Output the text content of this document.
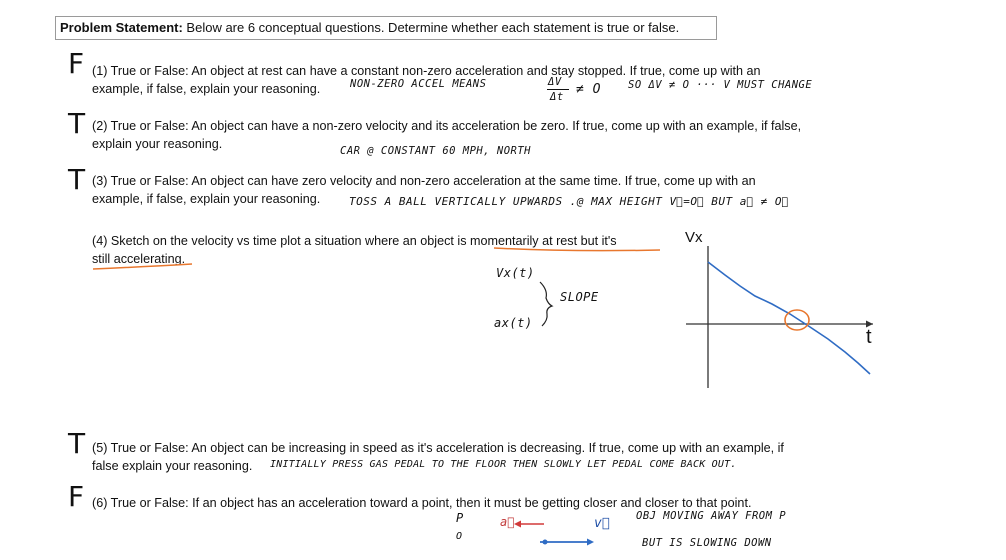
Problem Statement: Below are 6 conceptual questions. Determine whether each statement is true or false.
F (1) True or False: An object at rest can have a constant non-zero acceleration and stay stopped. If true, come up with an
example, if false, explain your reasoning.	NON-ZERO ACCEL MEANS	ΔV
Δt ≠ O	SO ΔV ≠ O ··· V MUST CHANGE
T (2) True or False: An object can have a non-zero velocity and its acceleration be zero. If true, come up with an example, if false,
explain your reasoning.	CAR @ CONSTANT 60 MPH, NORTH
T (3) True or False: An object can have zero velocity and non-zero acceleration at the same time. If true, come up with an
example, if false, explain your reasoning.	TOSS A BALL VERTICALLY UPWARDS .@ MAX HEIGHT V⃗=O⃗ BUT a⃗ ≠ O⃗
(4) Sketch on the velocity vs time plot a situation where an object is momentarily at rest but it's
still accelerating.
Vx(t)
SLOPE
ax(t)
Vx
t
T (5) True or False: An object can be increasing in speed as it's acceleration is decreasing. If true, come up with an example, if
false explain your reasoning. INITIALLY PRESS GAS PEDAL TO THE FLOOR THEN SLOWLY LET PEDAL COME BACK OUT.
F (6) True or False: If an object has an acceleration toward a point, then it must be getting closer and closer to that point.
P
O
a⃗	v⃗ OBJ MOVING AWAY FROM P
BUT IS SLOWING DOWN
